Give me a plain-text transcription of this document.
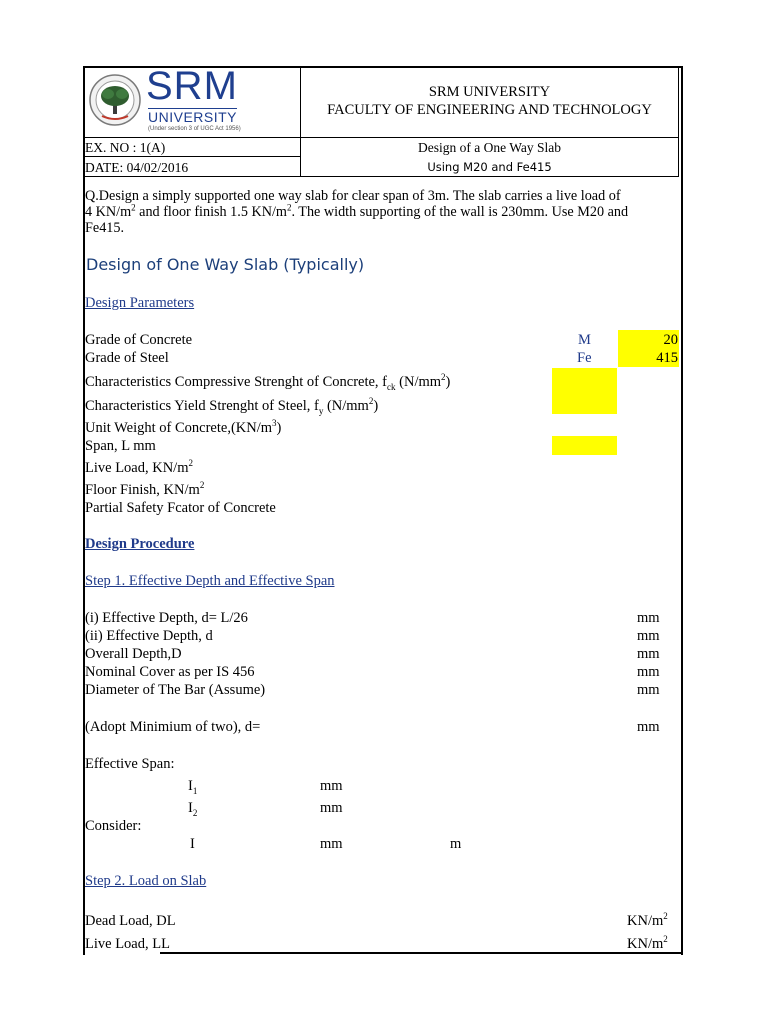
SRM
UNIVERSITY
(Under section 3 of UGC Act 1956)
SRM UNIVERSITY
FACULTY OF ENGINEERING AND TECHNOLOGY
EX. NO : 1(A)
DATE: 04/02/2016
Design of a One Way Slab
Using M20 and Fe415
Q.Design a simply supported one way slab for clear span of 3m. The slab carries a live load of
4 $KN/m^2$ and floor finish 1.5 $KN/m^2$. The width supporting of the wall is 230mm. Use M20 and
Fe415.
Design of One Way Slab (Typically)
Design Parameters
Grade of Concrete	M	20
Grade of Steel	Fe	415
Characteristics Compressive Strenght of Concrete, $f_{ck}$ $(N/mm^2)$
Characteristics Yield Strenght of Steel, $f_y$ $(N/mm^2)$
Unit Weight of $Concrete,(KN/m^3)$
Span, L mm
Live Load, $KN/m^2$
Floor Finish, $KN/m^2$
Partial Safety Fcator of Concrete
Design Procedure
Step 1. Effective Depth and Effective Span
(i) Effective Depth, d= L/26	mm
(ii) Effective Depth, d	mm
Overall Depth,D	mm
Nominal Cover as per IS 456	mm
Diameter of The Bar (Assume)	mm
(Adopt Minimium of two), d=	mm
Effective Span:
$I_1$	mm
$I_2$	mm
Consider:
I	mm	m
Step 2. Load on Slab
Dead Load, DL	$KN/m^2$
Live Load, LL	$KN/m^2$
